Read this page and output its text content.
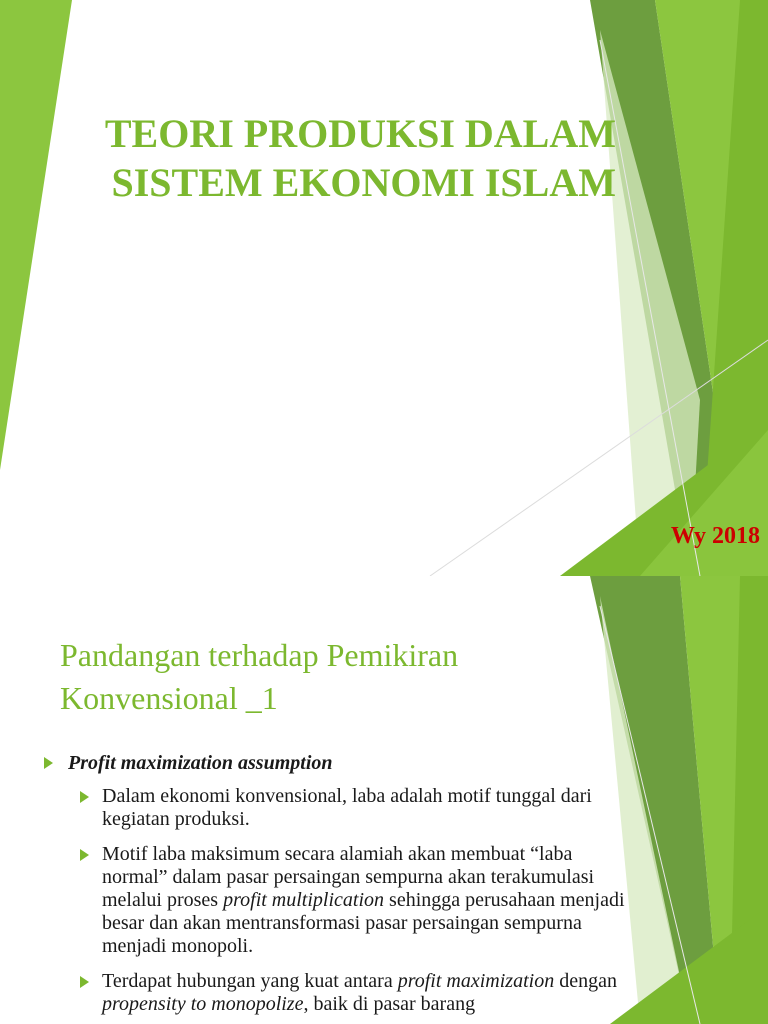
TEORI PRODUKSI DALAM
SISTEM EKONOMI ISLAM

Wy 2018

Pandangan terhadap Pemikiran
Konvensional _1

Profit maximization assumption

Dalam ekonomi konvensional, laba adalah motif tunggal dari kegiatan produksi.

Motif laba maksimum secara alamiah akan membuat “laba normal” dalam pasar persaingan sempurna akan terakumulasi melalui proses profit multiplication sehingga perusahaan menjadi besar dan akan mentransformasi pasar persaingan sempurna menjadi monopoli.

Terdapat hubungan yang kuat antara profit maximization dengan propensity to monopolize, baik di pasar barang
